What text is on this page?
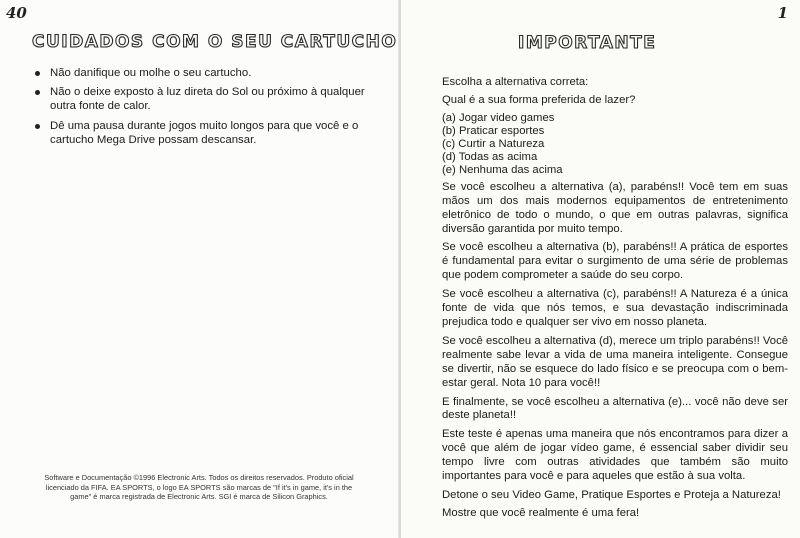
40
CUIDADOS COM O SEU CARTUCHO
Não danifique ou molhe o seu cartucho.
Não o deixe exposto à luz direta do Sol ou próximo à qualquer outra fonte de calor.
Dê uma pausa durante jogos muito longos para que você e o cartucho Mega Drive possam descansar.
Software e Documentação ©1996 Electronic Arts. Todos os direitos reservados. Produto oficial licenciado da FIFA. EA SPORTS, o logo EA SPORTS são marcas de "If it's in game, it's in the game" é marca registrada de Electronic Arts. SGI é marca de Silicon Graphics.
1
IMPORTANTE

Escolha a alternativa correta:

Qual é a sua forma preferida de lazer?

(a) Jogar video games

(b) Praticar esportes

(c) Curtir a Natureza

(d) Todas as acima

(e) Nenhuma das acima

Se você escolheu a alternativa (a), parabéns!! Você tem em suas mãos um dos mais modernos equipamentos de entretenimento eletrônico de todo o mundo, o que em outras palavras, significa diversão garantida por muito tempo.

Se você escolheu a alternativa (b), parabéns!! A prática de esportes é fundamental para evitar o surgimento de uma série de problemas que podem comprometer a saúde do seu corpo.

Se você escolheu a alternativa (c), parabéns!! A Natureza é a única fonte de vida que nós temos, e sua devastação indiscriminada prejudica todo e qualquer ser vivo em nosso planeta.

Se você escolheu a alternativa (d), merece um triplo parabéns!! Você realmente sabe levar a vida de uma maneira inteligente. Consegue se divertir, não se esquece do lado físico e se preocupa com o bem-estar geral. Nota 10 para você!!

E finalmente, se você escolheu a alternativa (e)... você não deve ser deste planeta!!

Este teste é apenas uma maneira que nós encontramos para dizer a você que além de jogar vídeo game, é essencial saber dividir seu tempo livre com outras atividades que também são muito importantes para você e para aqueles que estão à sua volta.

Detone o seu Video Game, Pratique Esportes e Proteja a Natureza!

Mostre que você realmente é uma fera!
